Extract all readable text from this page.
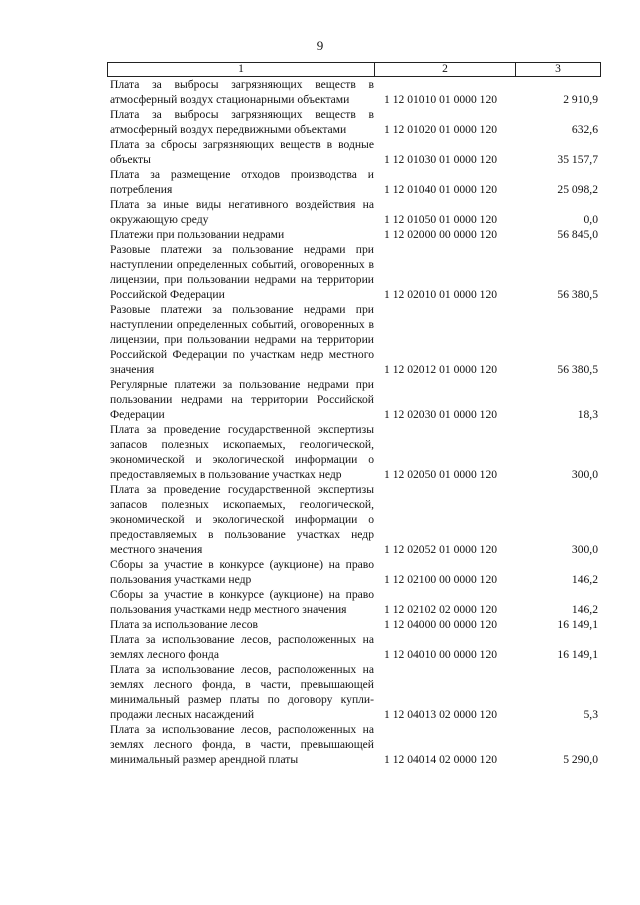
9
1	2	3
Плата за выбросы загрязняющих веществ в атмосферный воздух стационарными объектами	1 12 01010 01 0000 120	2 910,9
Плата за выбросы загрязняющих веществ в атмосферный воздух передвижными объектами	1 12 01020 01 0000 120	632,6
Плата за сбросы загрязняющих веществ в водные объекты	1 12 01030 01 0000 120	35 157,7
Плата за размещение отходов производства и потребления	1 12 01040 01 0000 120	25 098,2
Плата за иные виды негативного воздействия на окружающую среду	1 12 01050 01 0000 120	0,0
Платежи при пользовании недрами	1 12 02000 00 0000 120	56 845,0
Разовые платежи за пользование недрами при наступлении определенных событий, оговоренных в лицензии, при пользовании недрами на территории Российской Федерации	1 12 02010 01 0000 120	56 380,5
Разовые платежи за пользование недрами при наступлении определенных событий, оговоренных в лицензии, при пользовании недрами на территории Российской Федерации по участкам недр местного значения	1 12 02012 01 0000 120	56 380,5
Регулярные платежи за пользование недрами при пользовании недрами на территории Российской Федерации	1 12 02030 01 0000 120	18,3
Плата за проведение государственной экспертизы запасов полезных ископаемых, геологической, экономической и экологической информации о предоставляемых в пользование участках недр	1 12 02050 01 0000 120	300,0
Плата за проведение государственной экспертизы запасов полезных ископаемых, геологической, экономической и экологической информации о предоставляемых в пользование участках недр местного значения	1 12 02052 01 0000 120	300,0
Сборы за участие в конкурсе (аукционе) на право пользования участками недр	1 12 02100 00 0000 120	146,2
Сборы за участие в конкурсе (аукционе) на право пользования участками недр местного значения	1 12 02102 02 0000 120	146,2
Плата за использование лесов	1 12 04000 00 0000 120	16 149,1
Плата за использование лесов, расположенных на землях лесного фонда	1 12 04010 00 0000 120	16 149,1
Плата за использование лесов, расположенных на землях лесного фонда, в части, превышающей минимальный размер платы по договору купли-продажи лесных насаждений	1 12 04013 02 0000 120	5,3
Плата за использование лесов, расположенных на землях лесного фонда, в части, превышающей минимальный размер арендной платы	1 12 04014 02 0000 120	5 290,0
